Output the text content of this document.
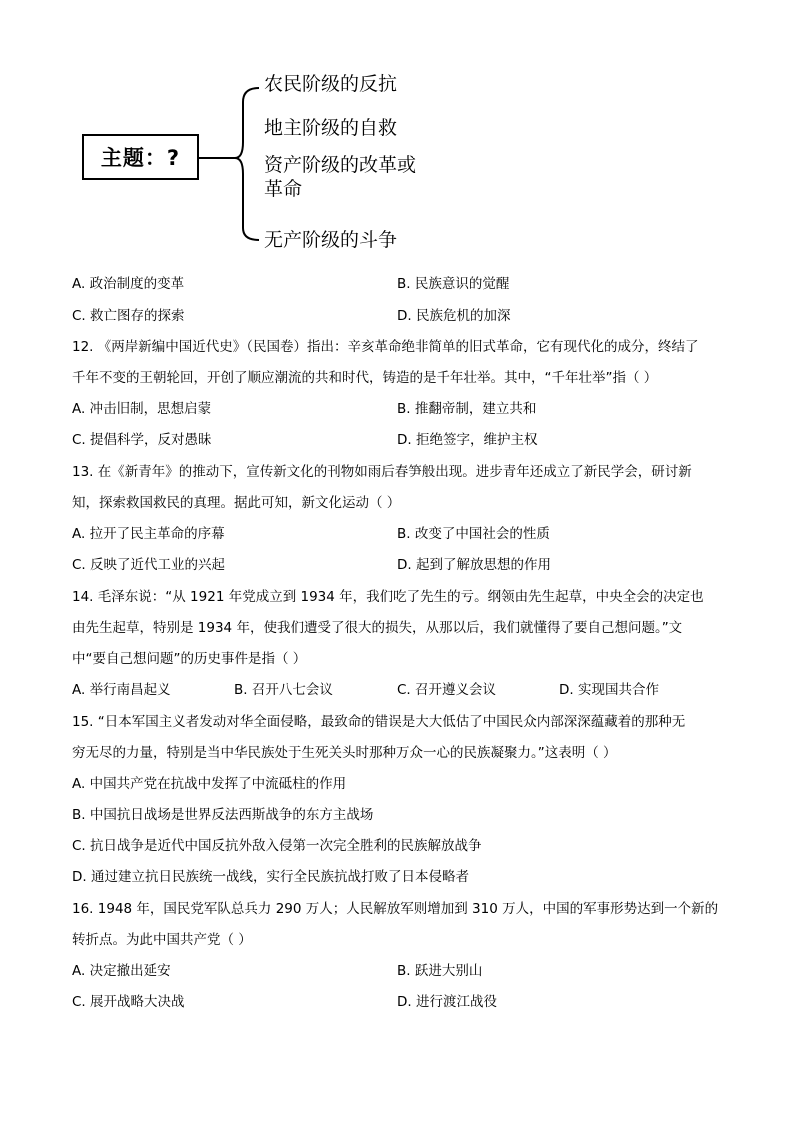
主题：?
农民阶级的反抗
地主阶级的自救
资产阶级的改革或革命
无产阶级的斗争
A. 政治制度的变革	B. 民族意识的觉醒
C. 救亡图存的探索	D. 民族危机的加深
12. 《两岸新编中国近代史》（民国卷）指出：辛亥革命绝非简单的旧式革命，它有现代化的成分，终结了
千年不变的王朝轮回，开创了顺应潮流的共和时代，铸造的是千年壮举。其中，“千年壮举”指（ ）
A. 冲击旧制，思想启蒙	B. 推翻帝制，建立共和
C. 提倡科学，反对愚昧	D. 拒绝签字，维护主权
13. 在《新青年》的推动下，宣传新文化的刊物如雨后春笋般出现。进步青年还成立了新民学会，研讨新
知，探索救国救民的真理。据此可知，新文化运动（ ）
A. 拉开了民主革命的序幕	B. 改变了中国社会的性质
C. 反映了近代工业的兴起	D. 起到了解放思想的作用
14. 毛泽东说：“从 1921 年党成立到 1934 年，我们吃了先生的亏。纲领由先生起草，中央全会的决定也
由先生起草，特别是 1934 年，使我们遭受了很大的损失，从那以后，我们就懂得了要自己想问题。”文
中“要自己想问题”的历史事件是指（ ）
A. 举行南昌起义	B. 召开八七会议	C. 召开遵义会议	D. 实现国共合作
15. “日本军国主义者发动对华全面侵略，最致命的错误是大大低估了中国民众内部深深蕴藏着的那种无
穷无尽的力量，特别是当中华民族处于生死关头时那种万众一心的民族凝聚力。”这表明（ ）
A. 中国共产党在抗战中发挥了中流砥柱的作用
B. 中国抗日战场是世界反法西斯战争的东方主战场
C. 抗日战争是近代中国反抗外敌入侵第一次完全胜利的民族解放战争
D. 通过建立抗日民族统一战线，实行全民族抗战打败了日本侵略者
16. 1948 年，国民党军队总兵力 290 万人；人民解放军则增加到 310 万人，中国的军事形势达到一个新的
转折点。为此中国共产党（ ）
A. 决定撤出延安	B. 跃进大别山
C. 展开战略大决战	D. 进行渡江战役
